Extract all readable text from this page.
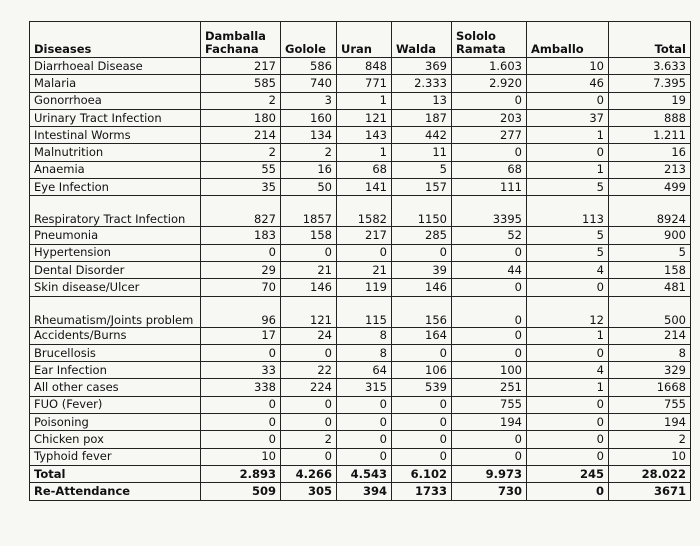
Diseases	Damballa Fachana	Golole	Uran	Walda	Sololo Ramata	Amballo	Total
Diarrhoeal Disease	217	586	848	369	1.603	10	3.633
Malaria	585	740	771	2.333	2.920	46	7.395
Gonorrhoea	2	3	1	13	0	0	19
Urinary Tract Infection	180	160	121	187	203	37	888
Intestinal Worms	214	134	143	442	277	1	1.211
Malnutrition	2	2	1	11	0	0	16
Anaemia	55	16	68	5	68	1	213
Eye Infection	35	50	141	157	111	5	499
Respiratory Tract Infection	827	1857	1582	1150	3395	113	8924
Pneumonia	183	158	217	285	52	5	900
Hypertension	0	0	0	0	0	5	5
Dental Disorder	29	21	21	39	44	4	158
Skin disease/Ulcer	70	146	119	146	0	0	481
Rheumatism/Joints problem	96	121	115	156	0	12	500
Accidents/Burns	17	24	8	164	0	1	214
Brucellosis	0	0	8	0	0	0	8
Ear Infection	33	22	64	106	100	4	329
All other cases	338	224	315	539	251	1	1668
FUO (Fever)	0	0	0	0	755	0	755
Poisoning	0	0	0	0	194	0	194
Chicken pox	0	2	0	0	0	0	2
Typhoid fever	10	0	0	0	0	0	10
Total	2.893	4.266	4.543	6.102	9.973	245	28.022
Re-Attendance	509	305	394	1733	730	0	3671
